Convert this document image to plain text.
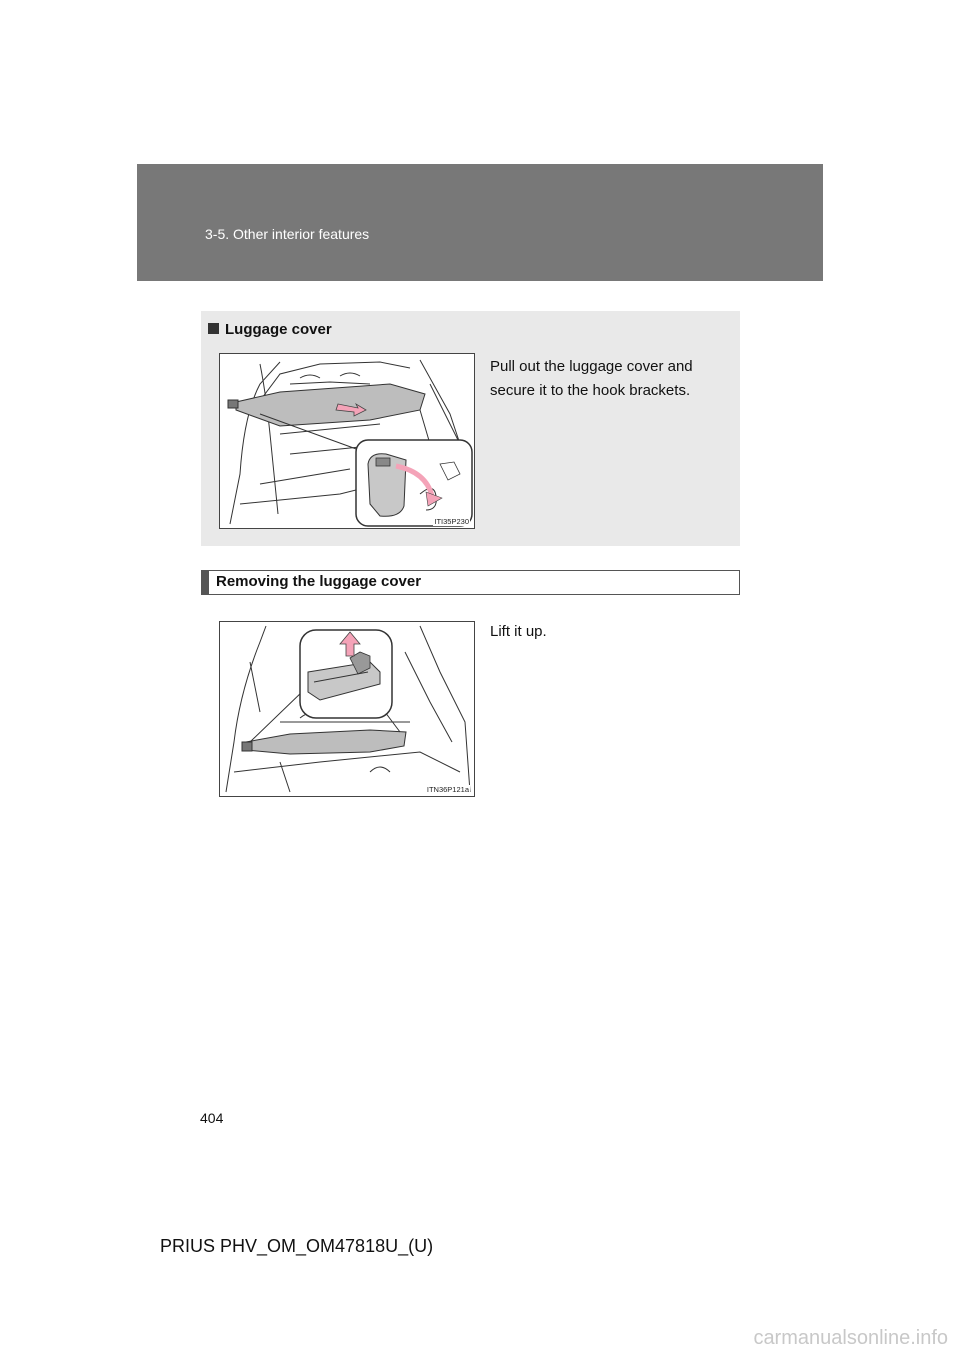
3-5. Other interior features
Luggage cover
ITI35P230
Pull out the luggage cover and secure it to the hook brackets.
Removing the luggage cover
ITN36P121a
Lift it up.
404
PRIUS PHV_OM_OM47818U_(U)
carmanualsonline.info
